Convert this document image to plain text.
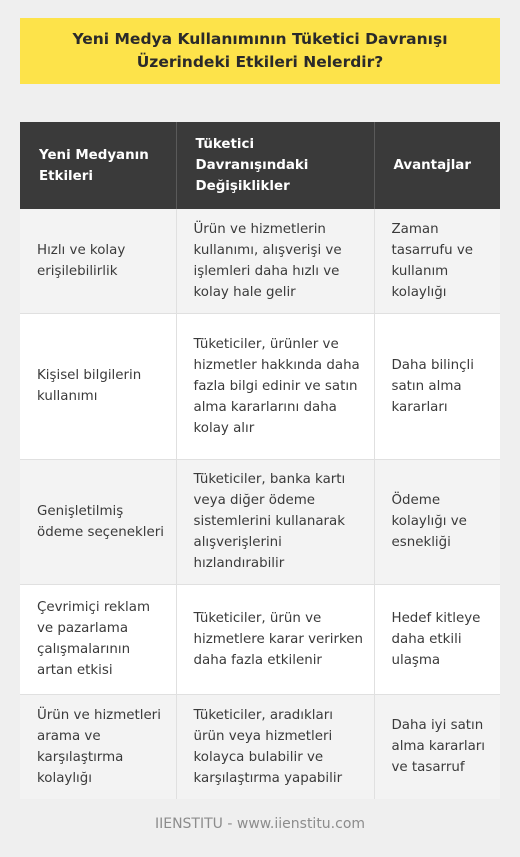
Yeni Medya Kullanımının Tüketici Davranışı Üzerindeki Etkileri Nelerdir?
Yeni Medyanın Etkileri	Tüketici Davranışındaki Değişiklikler	Avantajlar
Hızlı ve kolay erişilebilirlik	Ürün ve hizmetlerin kullanımı, alışverişi ve işlemleri daha hızlı ve kolay hale gelir	Zaman tasarrufu ve kullanım kolaylığı
Kişisel bilgilerin kullanımı	Tüketiciler, ürünler ve hizmetler hakkında daha fazla bilgi edinir ve satın alma kararlarını daha kolay alır	Daha bilinçli satın alma kararları
Genişletilmiş ödeme seçenekleri	Tüketiciler, banka kartı veya diğer ödeme sistemlerini kullanarak alışverişlerini hızlandırabilir	Ödeme kolaylığı ve esnekliği
Çevrimiçi reklam ve pazarlama çalışmalarının artan etkisi	Tüketiciler, ürün ve hizmetlere karar verirken daha fazla etkilenir	Hedef kitleye daha etkili ulaşma
Ürün ve hizmetleri arama ve karşılaştırma kolaylığı	Tüketiciler, aradıkları ürün veya hizmetleri kolayca bulabilir ve karşılaştırma yapabilir	Daha iyi satın alma kararları ve tasarruf
IIENSTITU - www.iienstitu.com
